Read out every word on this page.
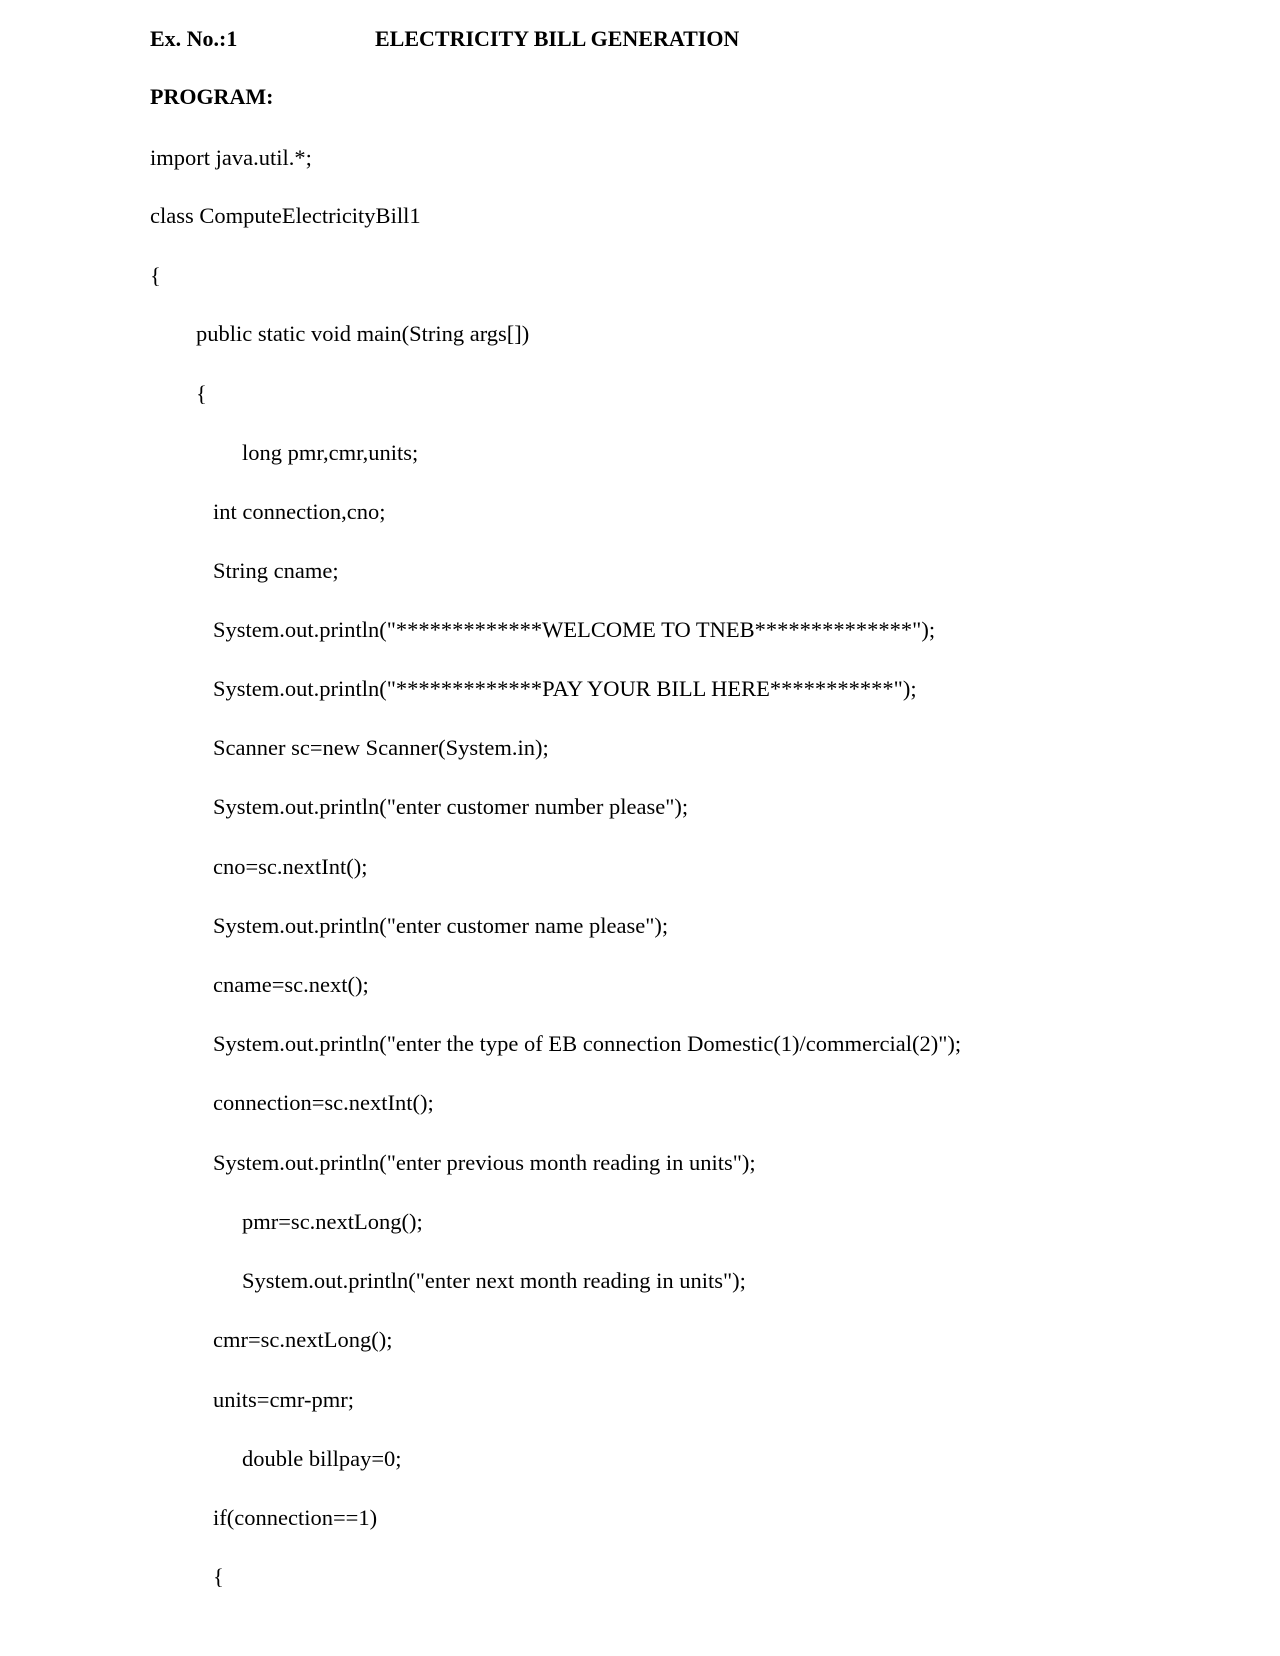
Ex. No.:1	ELECTRICITY BILL GENERATION
PROGRAM:
import java.util.*;
class ComputeElectricityBill1
{
public static void main(String args[])
{
long pmr,cmr,units;
int connection,cno;
String cname;
System.out.println("*************WELCOME TO TNEB**************");
System.out.println("*************PAY YOUR BILL HERE***********");
Scanner sc=new Scanner(System.in);
System.out.println("enter customer number please");
cno=sc.nextInt();
System.out.println("enter customer name please");
cname=sc.next();
System.out.println("enter the type of EB connection Domestic(1)/commercial(2)");
connection=sc.nextInt();
System.out.println("enter previous month reading in units");
pmr=sc.nextLong();
System.out.println("enter next month reading in units");
cmr=sc.nextLong();
units=cmr-pmr;
double billpay=0;
if(connection==1)
{
